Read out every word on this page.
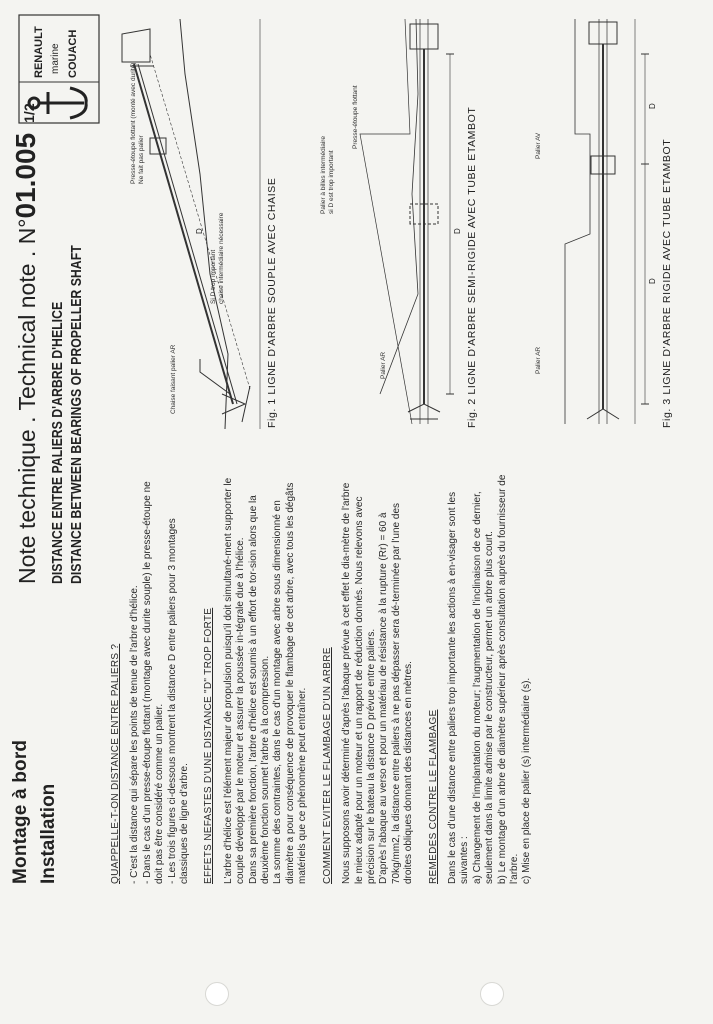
Montage à bord Installation
Note technique . Technical note . N°01.0051/2
DISTANCE ENTRE PALIERS D'ARBRE D'HELICE DISTANCE BETWEEN BEARINGS OF PROPELLER SHAFT
RENAULT marine COUACH
QUAPPELLE-T-ON DISTANCE ENTRE PALIERS ? - C'est la distance qui sépare les points de tenue de l'arbre d'hélice.
- Dans le cas d'un presse-étoupe flottant (montage avec durite souple) le presse-étoupe ne doit pas être considéré comme un palier.
- Les trois figures ci-dessous montrent la distance D entre paliers pour 3 montages classiques de ligne d'arbre. EFFETS NEFASTES D'UNE DISTANCE "D" TROP FORTE L'arbre d'hélice est l'élément majeur de propulsion puisqu'il doit simultané-ment supporter le couple développé par le moteur et assurer la poussée in-tégrale due à l'hélice.
Dans sa première fonction, l'arbre d'hélice est soumis à un effort de tor-sion alors que la deuxième fonction soumet l'arbre à la compression.
La somme des contraintes, dans le cas d'un montage avec arbre sous dimensionné en diamètre a pour conséquence de provoquer le flambage de cet arbre, avec tous les dégâts matériels que ce phénomène peut entraîner. COMMENT EVITER LE FLAMBAGE D'UN ARBRE Nous supposons avoir déterminé d'après l'abaque prévue à cet effet le dia-mètre de l'arbre le mieux adapté pour un moteur et un rapport de réduction donnés. Nous relevons avec précision sur le bateau la distance D prévue entre paliers.
D'après l'abaque au verso et pour un matériau de résistance à la rupture (Rr) = 60 à 70kg/mm2, la distance entre paliers à ne pas dépasser sera dé-terminée par l'une des droites obliques donnant des distances en mètres.
REMEDES CONTRE LE FLAMBAGE Dans le cas d'une distance entre paliers trop importante les actions à en-visager sont les suivantes :
a) Changement de l'implantation du moteur; l'augmentation de l'inclinaison de ce dernier, seulement dans la limite admise par le constructeur, permet un arbre plus court.
b) Le montage d'un arbre de diamètre supérieur après consultation auprès du fournisseur de l'arbre.
c) Mise en place de palier (s) intermédiaire (s).
D
Presse-étoupe flottant (monté avec durite) Ne fait pas palier
Si D trop important chaise intermédiaire nécessaire
Chaise faisant palier AR	Fig. 1 LIGNE D'ARBRE SOUPLE AVEC CHAISE	D
Presse-étoupe flottant
Palier à billes intermédiaire si D est trop important
Palier AR	Fig. 2 LIGNE D'ARBRE SEMI-RIGIDE AVEC TUBE ETAMBOT	D
D
Palier AV
Palier AR	Fig. 3 LIGNE D'ARBRE RIGIDE AVEC TUBE ETAMBOT
